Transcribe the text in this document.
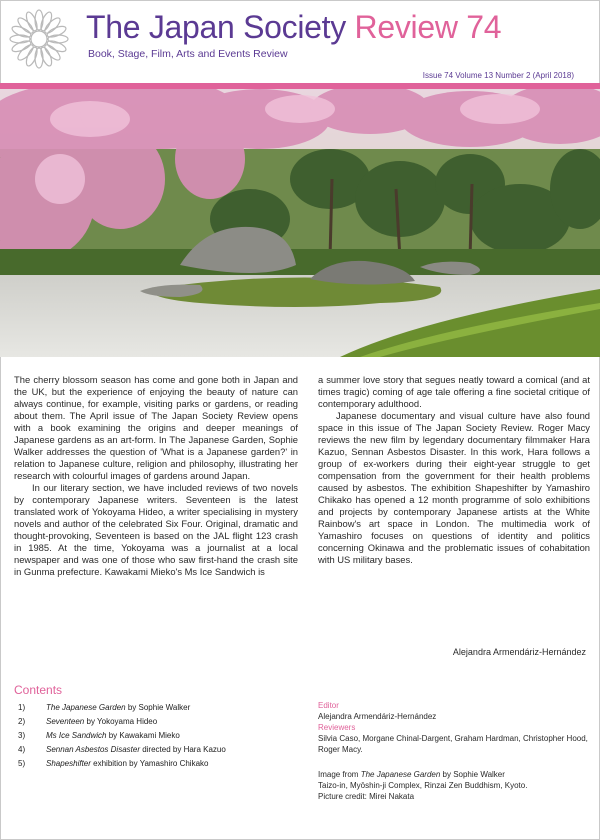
The Japan Society Review 74
Book, Stage, Film, Arts and Events Review
Issue 74 Volume 13 Number 2 (April 2018)

The cherry blossom season has come and gone both in Japan and the UK, but the experience of enjoying the beauty of nature can always continue, for example, visiting parks or gardens, or reading about them. The April issue of The Japan Society Review opens with a book examining the origins and deeper meanings of Japanese gardens as an art-form. In The Japanese Garden, Sophie Walker addresses the question of 'What is a Japanese garden?' in relation to Japanese culture, religion and philosophy, illustrating her research with colourful images of gardens around Japan.

In our literary section, we have included reviews of two novels by contemporary Japanese writers. Seventeen is the latest translated work of Yokoyama Hideo, a writer specialising in mystery novels and author of the celebrated Six Four. Original, dramatic and thought-provoking, Seventeen is based on the JAL flight 123 crash in 1985. At the time, Yokoyama was a journalist at a local newspaper and was one of those who saw first-hand the crash site in Gunma prefecture. Kawakami Mieko's Ms Ice Sandwich is

a summer love story that segues neatly toward a comical (and at times tragic) coming of age tale offering a fine societal critique of contemporary adulthood.

Japanese documentary and visual culture have also found space in this issue of The Japan Society Review. Roger Macy reviews the new film by legendary documentary filmmaker Hara Kazuo, Sennan Asbestos Disaster. In this work, Hara follows a group of ex-workers during their eight-year struggle to get compensation from the government for their health problems caused by asbestos. The exhibition Shapeshifter by Yamashiro Chikako has opened a 12 month programme of solo exhibitions and projects by contemporary Japanese artists at the White Rainbow's art space in London. The multimedia work of Yamashiro focuses on questions of identity and politics concerning Okinawa and the problematic issues of cohabitation with US military bases.

Alejandra Armendáriz-Hernández
Contents
1)	The Japanese Garden by Sophie Walker
2)	Seventeen by Yokoyama Hideo
3)	Ms Ice Sandwich by Kawakami Mieko
4)	Sennan Asbestos Disaster directed by Hara Kazuo
5)	Shapeshifter exhibition by Yamashiro Chikako
Editor
Alejandra Armendáriz-Hernández
Reviewers
Silvia Caso, Morgane Chinal-Dargent, Graham Hardman, Christopher Hood, Roger Macy.
Image from The Japanese Garden by Sophie Walker
Taizo-in, Myōshin-ji Complex, Rinzai Zen Buddhism, Kyoto.
Picture credit: Mirei Nakata
